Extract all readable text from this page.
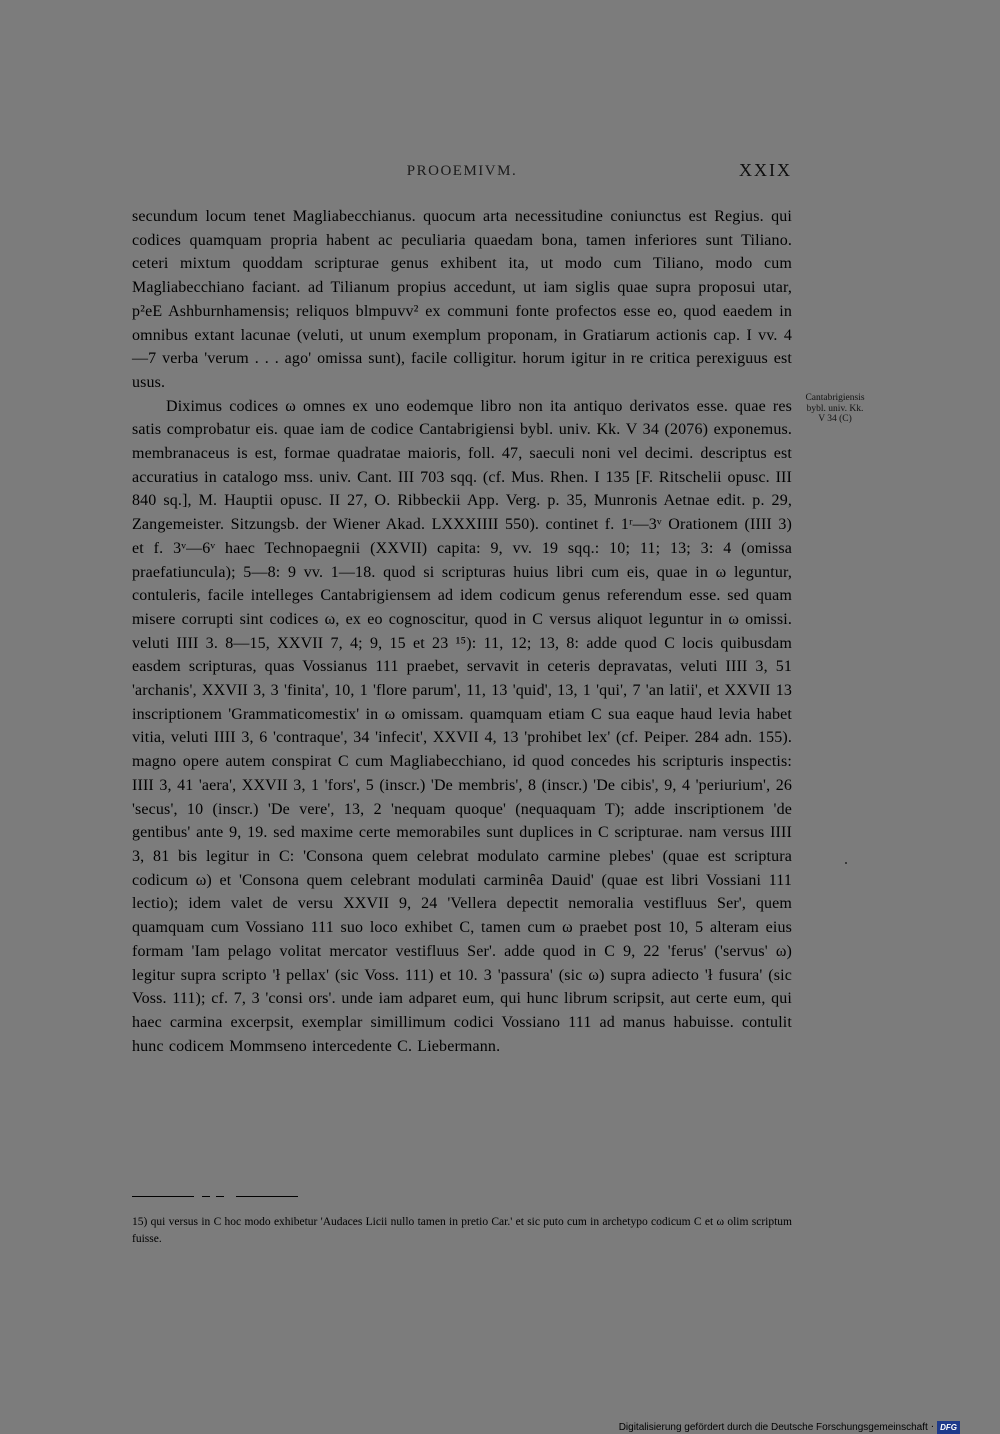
PROOEMIVM.	XXIX

secundum locum tenet Magliabecchianus. quocum arta necessitudine coniunctus est Regius. qui codices quamquam propria habent ac peculiaria quaedam bona, tamen inferiores sunt Tiliano. ceteri mixtum quoddam scripturae genus exhibent ita, ut modo cum Tiliano, modo cum Magliabecchiano faciant. ad Tilianum propius accedunt, ut iam siglis quae supra proposui utar, p²eE Ashburnhamensis; reliquos blmpuvv² ex communi fonte profectos esse eo, quod eaedem in omnibus extant lacunae (veluti, ut unum exemplum proponam, in Gratiarum actionis cap. I vv. 4—7 verba 'verum . . . ago' omissa sunt), facile colligitur. horum igitur in re critica perexiguus est usus.

Diximus codices ω omnes ex uno eodemque libro non ita antiquo derivatos esse. quae res satis comprobatur eis. quae iam de codice Cantabrigiensi bybl. univ. Kk. V 34 (2076) exponemus. membranaceus is est, formae quadratae maioris, foll. 47, saeculi noni vel decimi. descriptus est accuratius in catalogo mss. univ. Cant. III 703 sqq. (cf. Mus. Rhen. I 135 [F. Ritschelii opusc. III 840 sq.], M. Hauptii opusc. II 27, O. Ribbeckii App. Verg. p. 35, Munronis Aetnae edit. p. 29, Zangemeister. Sitzungsb. der Wiener Akad. LXXXIIII 550). continet f. 1ʳ—3ᵛ Orationem (IIII 3) et f. 3ᵛ—6ᵛ haec Technopaegnii (XXVII) capita: 9, vv. 19 sqq.: 10; 11; 13; 3: 4 (omissa praefatiuncula); 5—8: 9 vv. 1—18. quod si scripturas huius libri cum eis, quae in ω leguntur, contuleris, facile intelleges Cantabrigiensem ad idem codicum genus referendum esse. sed quam misere corrupti sint codices ω, ex eo cognoscitur, quod in C versus aliquot leguntur in ω omissi. veluti IIII 3. 8—15, XXVII 7, 4; 9, 15 et 23 ¹⁵): 11, 12; 13, 8: adde quod C locis quibusdam easdem scripturas, quas Vossianus 111 praebet, servavit in ceteris depravatas, veluti IIII 3, 51 'archanis', XXVII 3, 3 'finita', 10, 1 'flore parum', 11, 13 'quid', 13, 1 'qui', 7 'an latii', et XXVII 13 inscriptionem 'Grammaticomestix' in ω omissam. quamquam etiam C sua eaque haud levia habet vitia, veluti IIII 3, 6 'contraque', 34 'infecit', XXVII 4, 13 'prohibet lex' (cf. Peiper. 284 adn. 155). magno opere autem conspirat C cum Magliabecchiano, id quod concedes his scripturis inspectis: IIII 3, 41 'aera', XXVII 3, 1 'fors', 5 (inscr.) 'De membris', 8 (inscr.) 'De cibis', 9, 4 'periurium', 26 'secus', 10 (inscr.) 'De vere', 13, 2 'nequam quoque' (nequaquam T); adde inscriptionem 'de gentibus' ante 9, 19. sed maxime certe memorabiles sunt duplices in C scripturae. nam versus IIII 3, 81 bis legitur in C: 'Consona quem celebrat modulato carmine plebes' (quae est scriptura codicum ω) et 'Consona quem celebrant modulati carminȇa Dauid' (quae est libri Vossiani 111 lectio); idem valet de versu XXVII 9, 24 'Vellera depectit nemoralia vestifluus Ser', quem quamquam cum Vossiano 111 suo loco exhibet C, tamen cum ω praebet post 10, 5 alteram eius formam 'Iam pelago volitat mercator vestifluus Ser'. adde quod in C 9, 22 'ferus' ('servus' ω) legitur supra scripto 'ł pellax' (sic Voss. 111) et 10. 3 'passura' (sic ω) supra adiecto 'ł fusura' (sic Voss. 111); cf. 7, 3 'consi ors'. unde iam adparet eum, qui hunc librum scripsit, aut certe eum, qui haec carmina excerpsit, exemplar simillimum codici Vossiano 111 ad manus habuisse. contulit hunc codicem Mommseno intercedente C. Liebermann.

Cantabrigiensis
bybl. univ. Kk.
V 34 (C)
15) qui versus in C hoc modo exhibetur 'Audaces Licii nullo tamen in pretio Car.' et sic puto cum in archetypo codicum C et ω olim scriptum fuisse.
Digitalisierung gefördert durch die Deutsche Forschungsgemeinschaft · DFG
